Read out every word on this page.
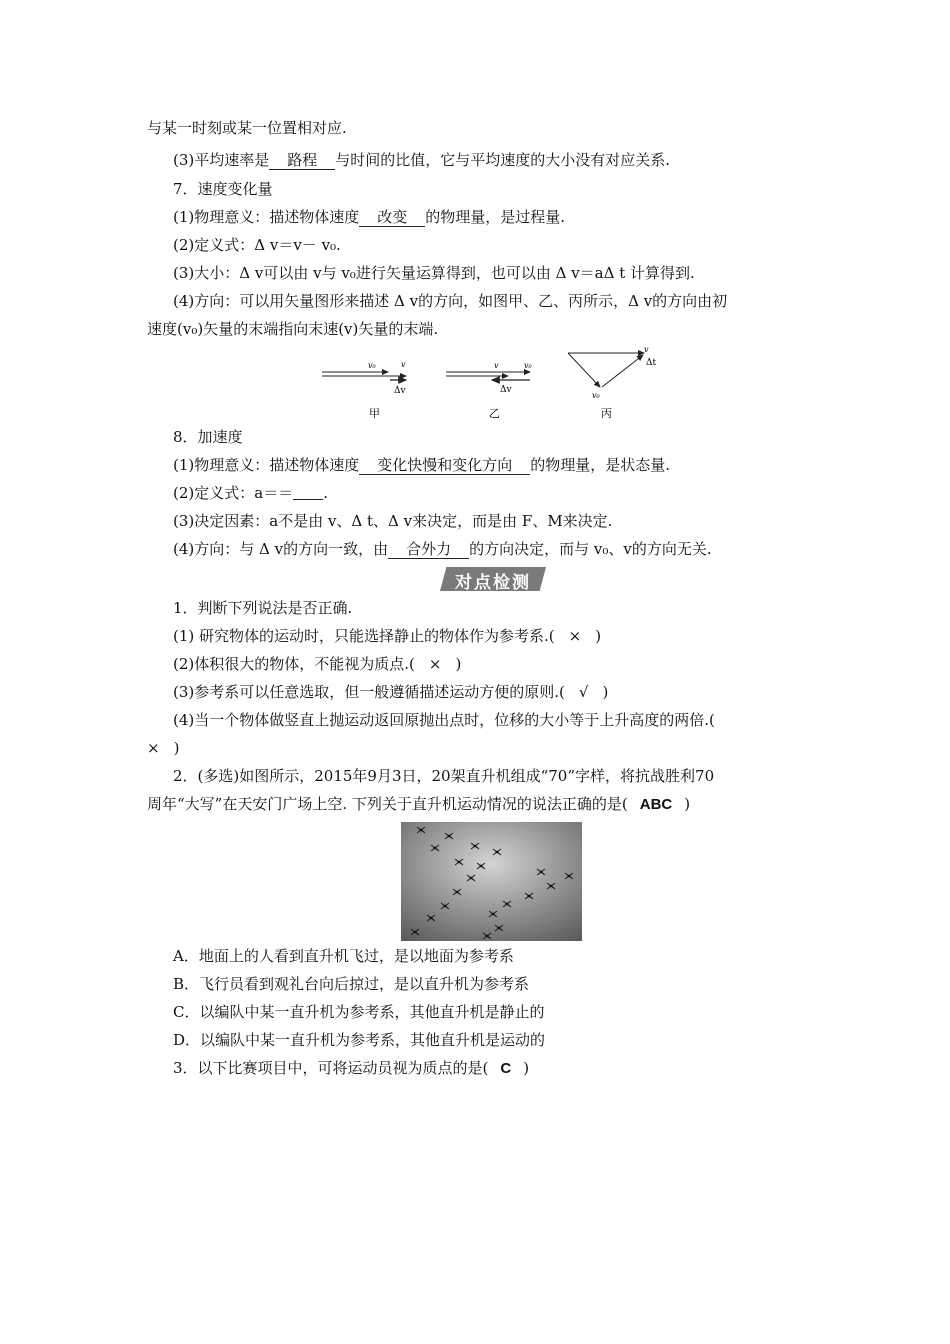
与某一时刻或某一位置相对应.
(3)平均速率是 路程 与时间的比值，它与平均速度的大小没有对应关系.
7．速度变化量
(1)物理意义：描述物体速度 改变 的物理量，是过程量.
(2)定义式：Δ v＝v－ v₀.
(3)大小：Δ v可以由 v与 v₀进行矢量运算得到，也可以由 Δ v＝aΔ t 计算得到.
(4)方向：可以用矢量图形来描述 Δ v的方向，如图甲、乙、丙所示，Δ v的方向由初
速度(v₀)矢量的末端指向末速(v)矢量的末端.
v₀	v
Δv
甲
v	v₀
Δv
乙
v
Δt
v₀
丙
8．加速度
(1)物理意义：描述物体速度 变化快慢和变化方向 的物理量，是状态量.
(2)定义式：a＝＝ .
(3)决定因素：a不是由 v、Δ t、Δ v来决定，而是由 F、M来决定.
(4)方向：与 Δ v的方向一致，由 合外力 的方向决定，而与 v₀、v的方向无关.
对点检测
1．判断下列说法是否正确.
(1) 研究物体的运动时，只能选择静止的物体作为参考系.( × )
(2)体积很大的物体，不能视为质点.( × )
(3)参考系可以任意选取，但一般遵循描述运动方便的原则.( √ )
(4)当一个物体做竖直上抛运动返回原抛出点时，位移的大小等于上升高度的两倍.(
× )
2．(多选)如图所示，2015年9月3日，20架直升机组成“70”字样，将抗战胜利70
周年“大写”在天安门广场上空. 下列关于直升机运动情况的说法正确的是( ABC )
A．地面上的人看到直升机飞过，是以地面为参考系
B．飞行员看到观礼台向后掠过，是以直升机为参考系
C．以编队中某一直升机为参考系，其他直升机是静止的
D．以编队中某一直升机为参考系，其他直升机是运动的
3．以下比赛项目中，可将运动员视为质点的是( C )
